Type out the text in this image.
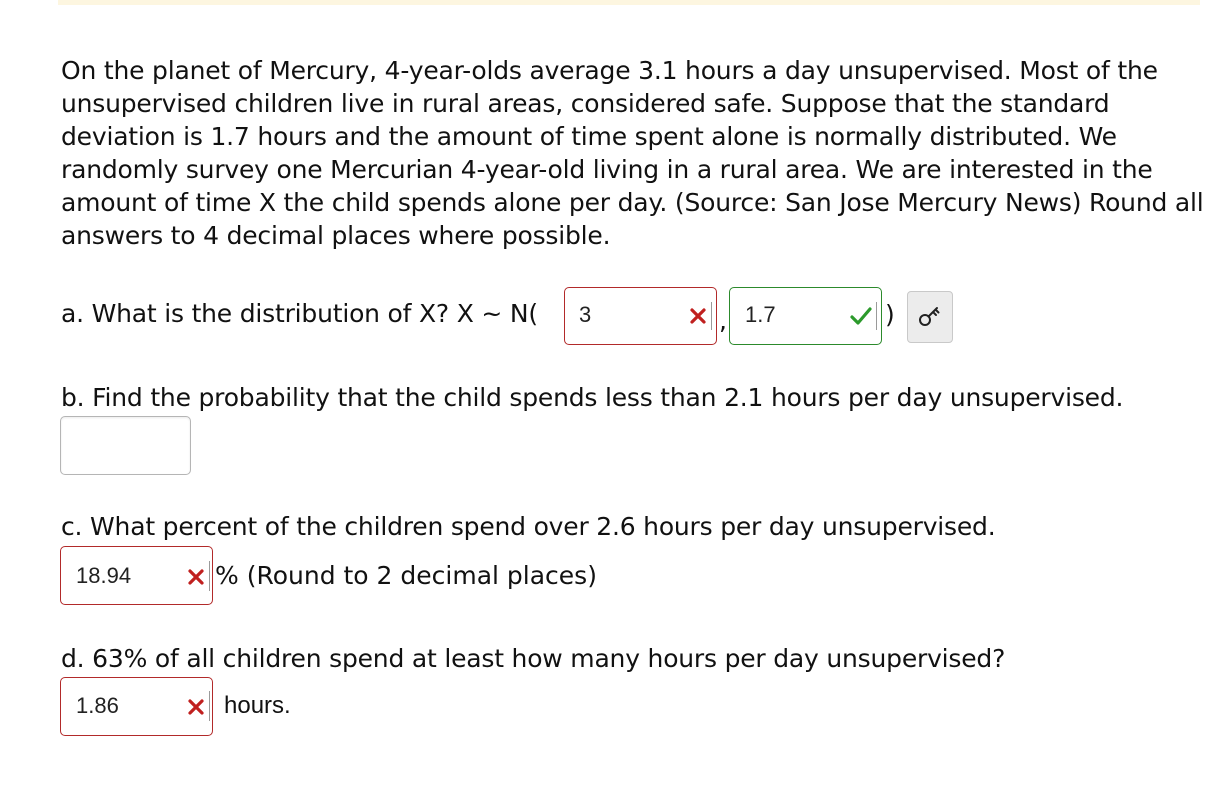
On the planet of Mercury, 4-year-olds average 3.1 hours a day unsupervised. Most of the unsupervised children live in rural areas, considered safe. Suppose that the standard deviation is 1.7 hours and the amount of time spent alone is normally distributed. We randomly survey one Mercurian 4-year-old living in a rural area. We are interested in the amount of time X the child spends alone per day. (Source: San Jose Mercury News) Round all answers to 4 decimal places where possible.
a. What is the distribution of X? X ~ N( 3	, 1.7	)
b. Find the probability that the child spends less than 2.1 hours per day unsupervised.
c. What percent of the children spend over 2.6 hours per day unsupervised.
18.94	% (Round to 2 decimal places)
d. 63% of all children spend at least how many hours per day unsupervised?
1.86	hours.
